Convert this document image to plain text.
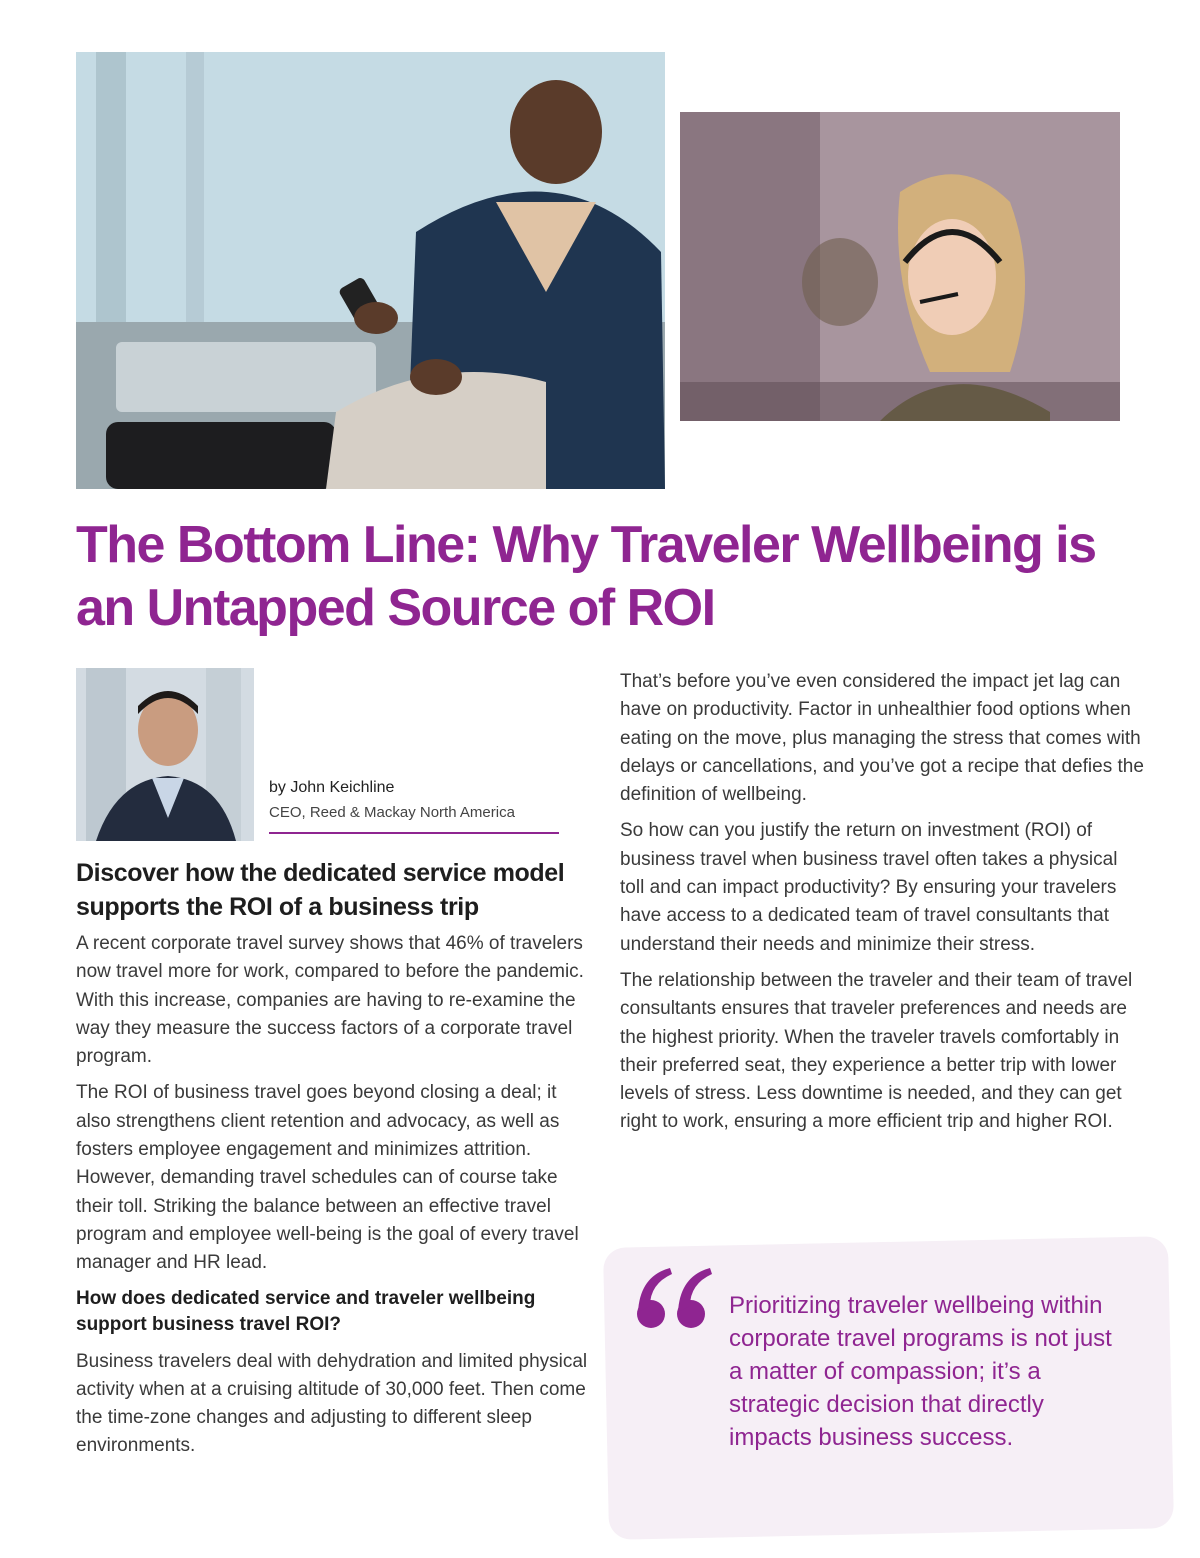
The Bottom Line: Why Traveler Wellbeing is an Untapped Source of ROI
by John Keichline
CEO, Reed & Mackay North America
Discover how the dedicated service model supports the ROI of a business trip

A recent corporate travel survey shows that 46% of travelers now travel more for work, compared to before the pandemic. With this increase, companies are having to re-examine the way they measure the success factors of a corporate travel program.

The ROI of business travel goes beyond closing a deal; it also strengthens client retention and advocacy, as well as fosters employee engagement and minimizes attrition. However, demanding travel schedules can of course take their toll. Striking the balance between an effective travel program and employee well-being is the goal of every travel manager and HR lead.

How does dedicated service and traveler wellbeing support business travel ROI?

Business travelers deal with dehydration and limited physical activity when at a cruising altitude of 30,000 feet. Then come the time-zone changes and adjusting to different sleep environments.

That’s before you’ve even considered the impact jet lag can have on productivity. Factor in unhealthier food options when eating on the move, plus managing the stress that comes with delays or cancellations, and you’ve got a recipe that defies the definition of wellbeing.

So how can you justify the return on investment (ROI) of business travel when business travel often takes a physical toll and can impact productivity? By ensuring your travelers have access to a dedicated team of travel consultants that understand their needs and minimize their stress.

The relationship between the traveler and their team of travel consultants ensures that traveler preferences and needs are the highest priority. When the traveler travels comfortably in their preferred seat, they experience a better trip with lower levels of stress. Less downtime is needed, and they can get right to work, ensuring a more efficient trip and higher ROI.

Prioritizing traveler wellbeing within corporate travel programs is not just a matter of compassion; it’s a strategic decision that directly impacts business success.
